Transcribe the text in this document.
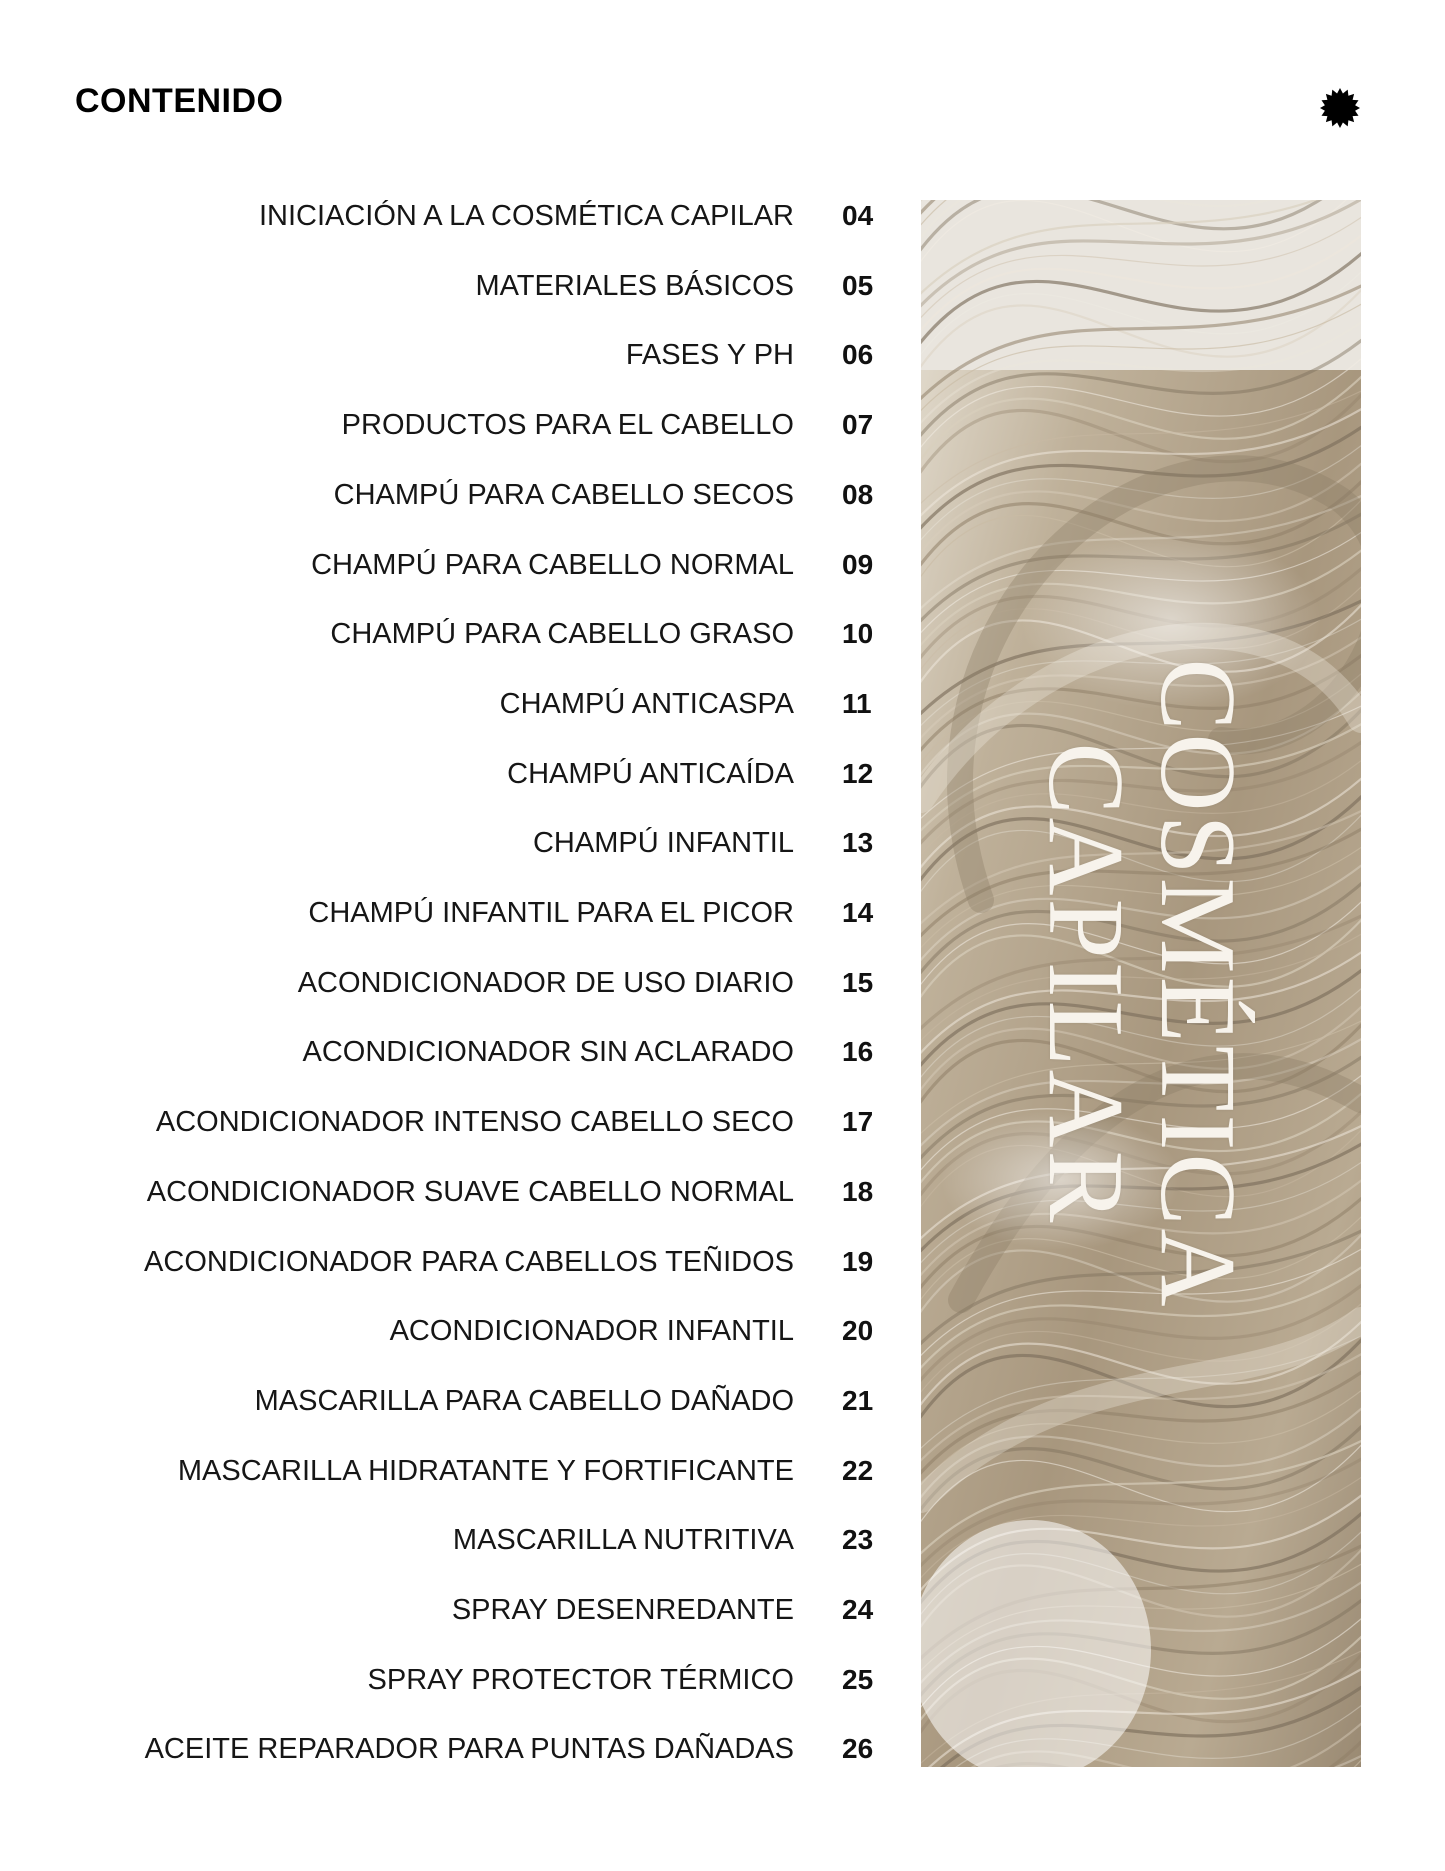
CONTENIDO
INICIACIÓN A LA COSMÉTICA CAPILAR 04
MATERIALES BÁSICOS 05
FASES Y PH 06
PRODUCTOS PARA EL CABELLO 07
CHAMPÚ PARA CABELLO SECOS 08
CHAMPÚ PARA CABELLO NORMAL 09
CHAMPÚ PARA CABELLO GRASO 10
CHAMPÚ ANTICASPA 11
CHAMPÚ ANTICAÍDA 12
CHAMPÚ INFANTIL 13
CHAMPÚ INFANTIL PARA EL PICOR 14
ACONDICIONADOR DE USO DIARIO 15
ACONDICIONADOR SIN ACLARADO 16
ACONDICIONADOR INTENSO CABELLO SECO 17
ACONDICIONADOR SUAVE CABELLO NORMAL 18
ACONDICIONADOR PARA CABELLOS TEÑIDOS 19
ACONDICIONADOR INFANTIL 20
MASCARILLA PARA CABELLO DAÑADO 21
MASCARILLA HIDRATANTE Y FORTIFICANTE 22
MASCARILLA NUTRITIVA 23
SPRAY DESENREDANTE 24
SPRAY PROTECTOR TÉRMICO 25
ACEITE REPARADOR PARA PUNTAS DAÑADAS 26
COSMÉTICA
CAPILAR
